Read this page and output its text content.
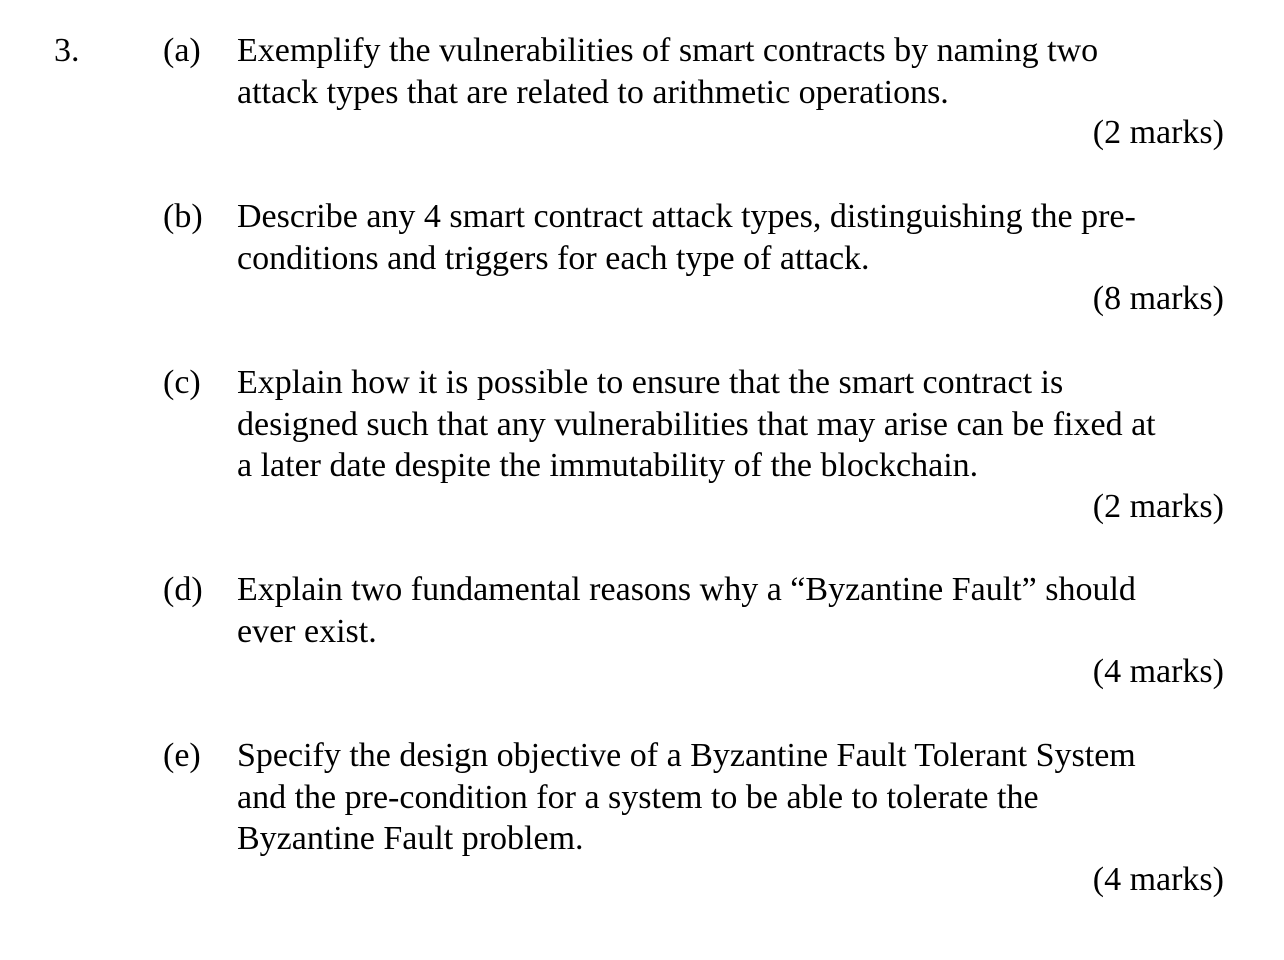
3. (a) Exemplify the vulnerabilities of smart contracts by naming two
attack types that are related to arithmetic operations.
(2 marks)
(b) Describe any 4 smart contract attack types, distinguishing the pre-
conditions and triggers for each type of attack.
(8 marks)
(c) Explain how it is possible to ensure that the smart contract is
designed such that any vulnerabilities that may arise can be fixed at
a later date despite the immutability of the blockchain.
(2 marks)
(d) Explain two fundamental reasons why a “Byzantine Fault” should
ever exist.
(4 marks)
(e) Specify the design objective of a Byzantine Fault Tolerant System
and the pre-condition for a system to be able to tolerate the
Byzantine Fault problem.
(4 marks)
